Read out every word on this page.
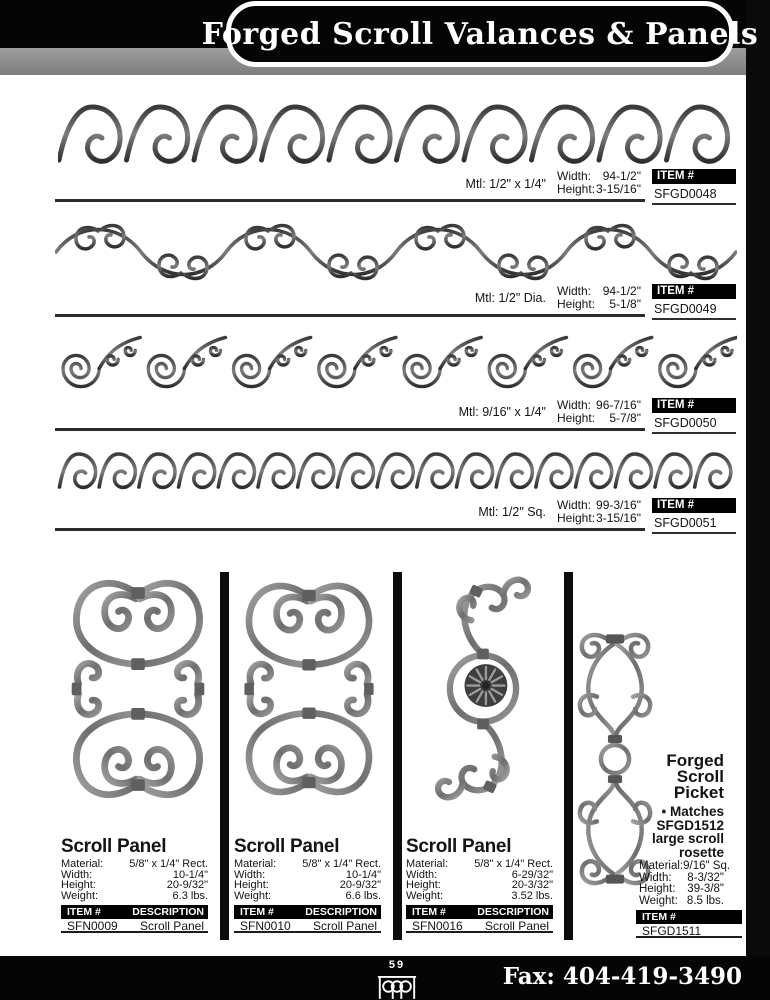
Forged Scroll Valances & Panels
Mtl: 1/2" x 1/4"
Width: 94-1/2"
Height: 3-15/16"
ITEM #
SFGD0048
Mtl: 1/2" Dia. Width: 94-1/2"
Height: 5-1/8"
ITEM #
SFGD0049
Mtl: 9/16" x 1/4" Width: 96-7/16"
Height: 5-7/8"
ITEM #
SFGD0050
Mtl: 1/2" Sq. Width: 99-3/16"
Height: 3-15/16"
ITEM #
SFGD0051
Scroll Panel
Material: 5/8" x 1/4" Rect.
Width:	10-1/4"
Height:	20-9/32"
Weight:	6.3 lbs.
ITEM #	DESCRIPTION
SFN0009 Scroll Panel
Scroll Panel
Material: 5/8" x 1/4" Rect.
Width:	10-1/4"
Height:	20-9/32"
Weight:	6.6 lbs.
ITEM #	DESCRIPTION
SFN0010 Scroll Panel
Scroll Panel
Material: 5/8" x 1/4" Rect.
Width:	6-29/32"
Height:	20-3/32"
Weight:	3.52 lbs.
ITEM #	DESCRIPTION
SFN0016 Scroll Panel
Forged
Scroll
Picket
• Matches
SFGD1512
large scroll
rosette
Material: 9/16" Sq.
Width: 8-3/32"
Height: 39-3/8"
Weight: 8.5 lbs.
ITEM #
SFGD1511
59	Fax: 404-419-3490
